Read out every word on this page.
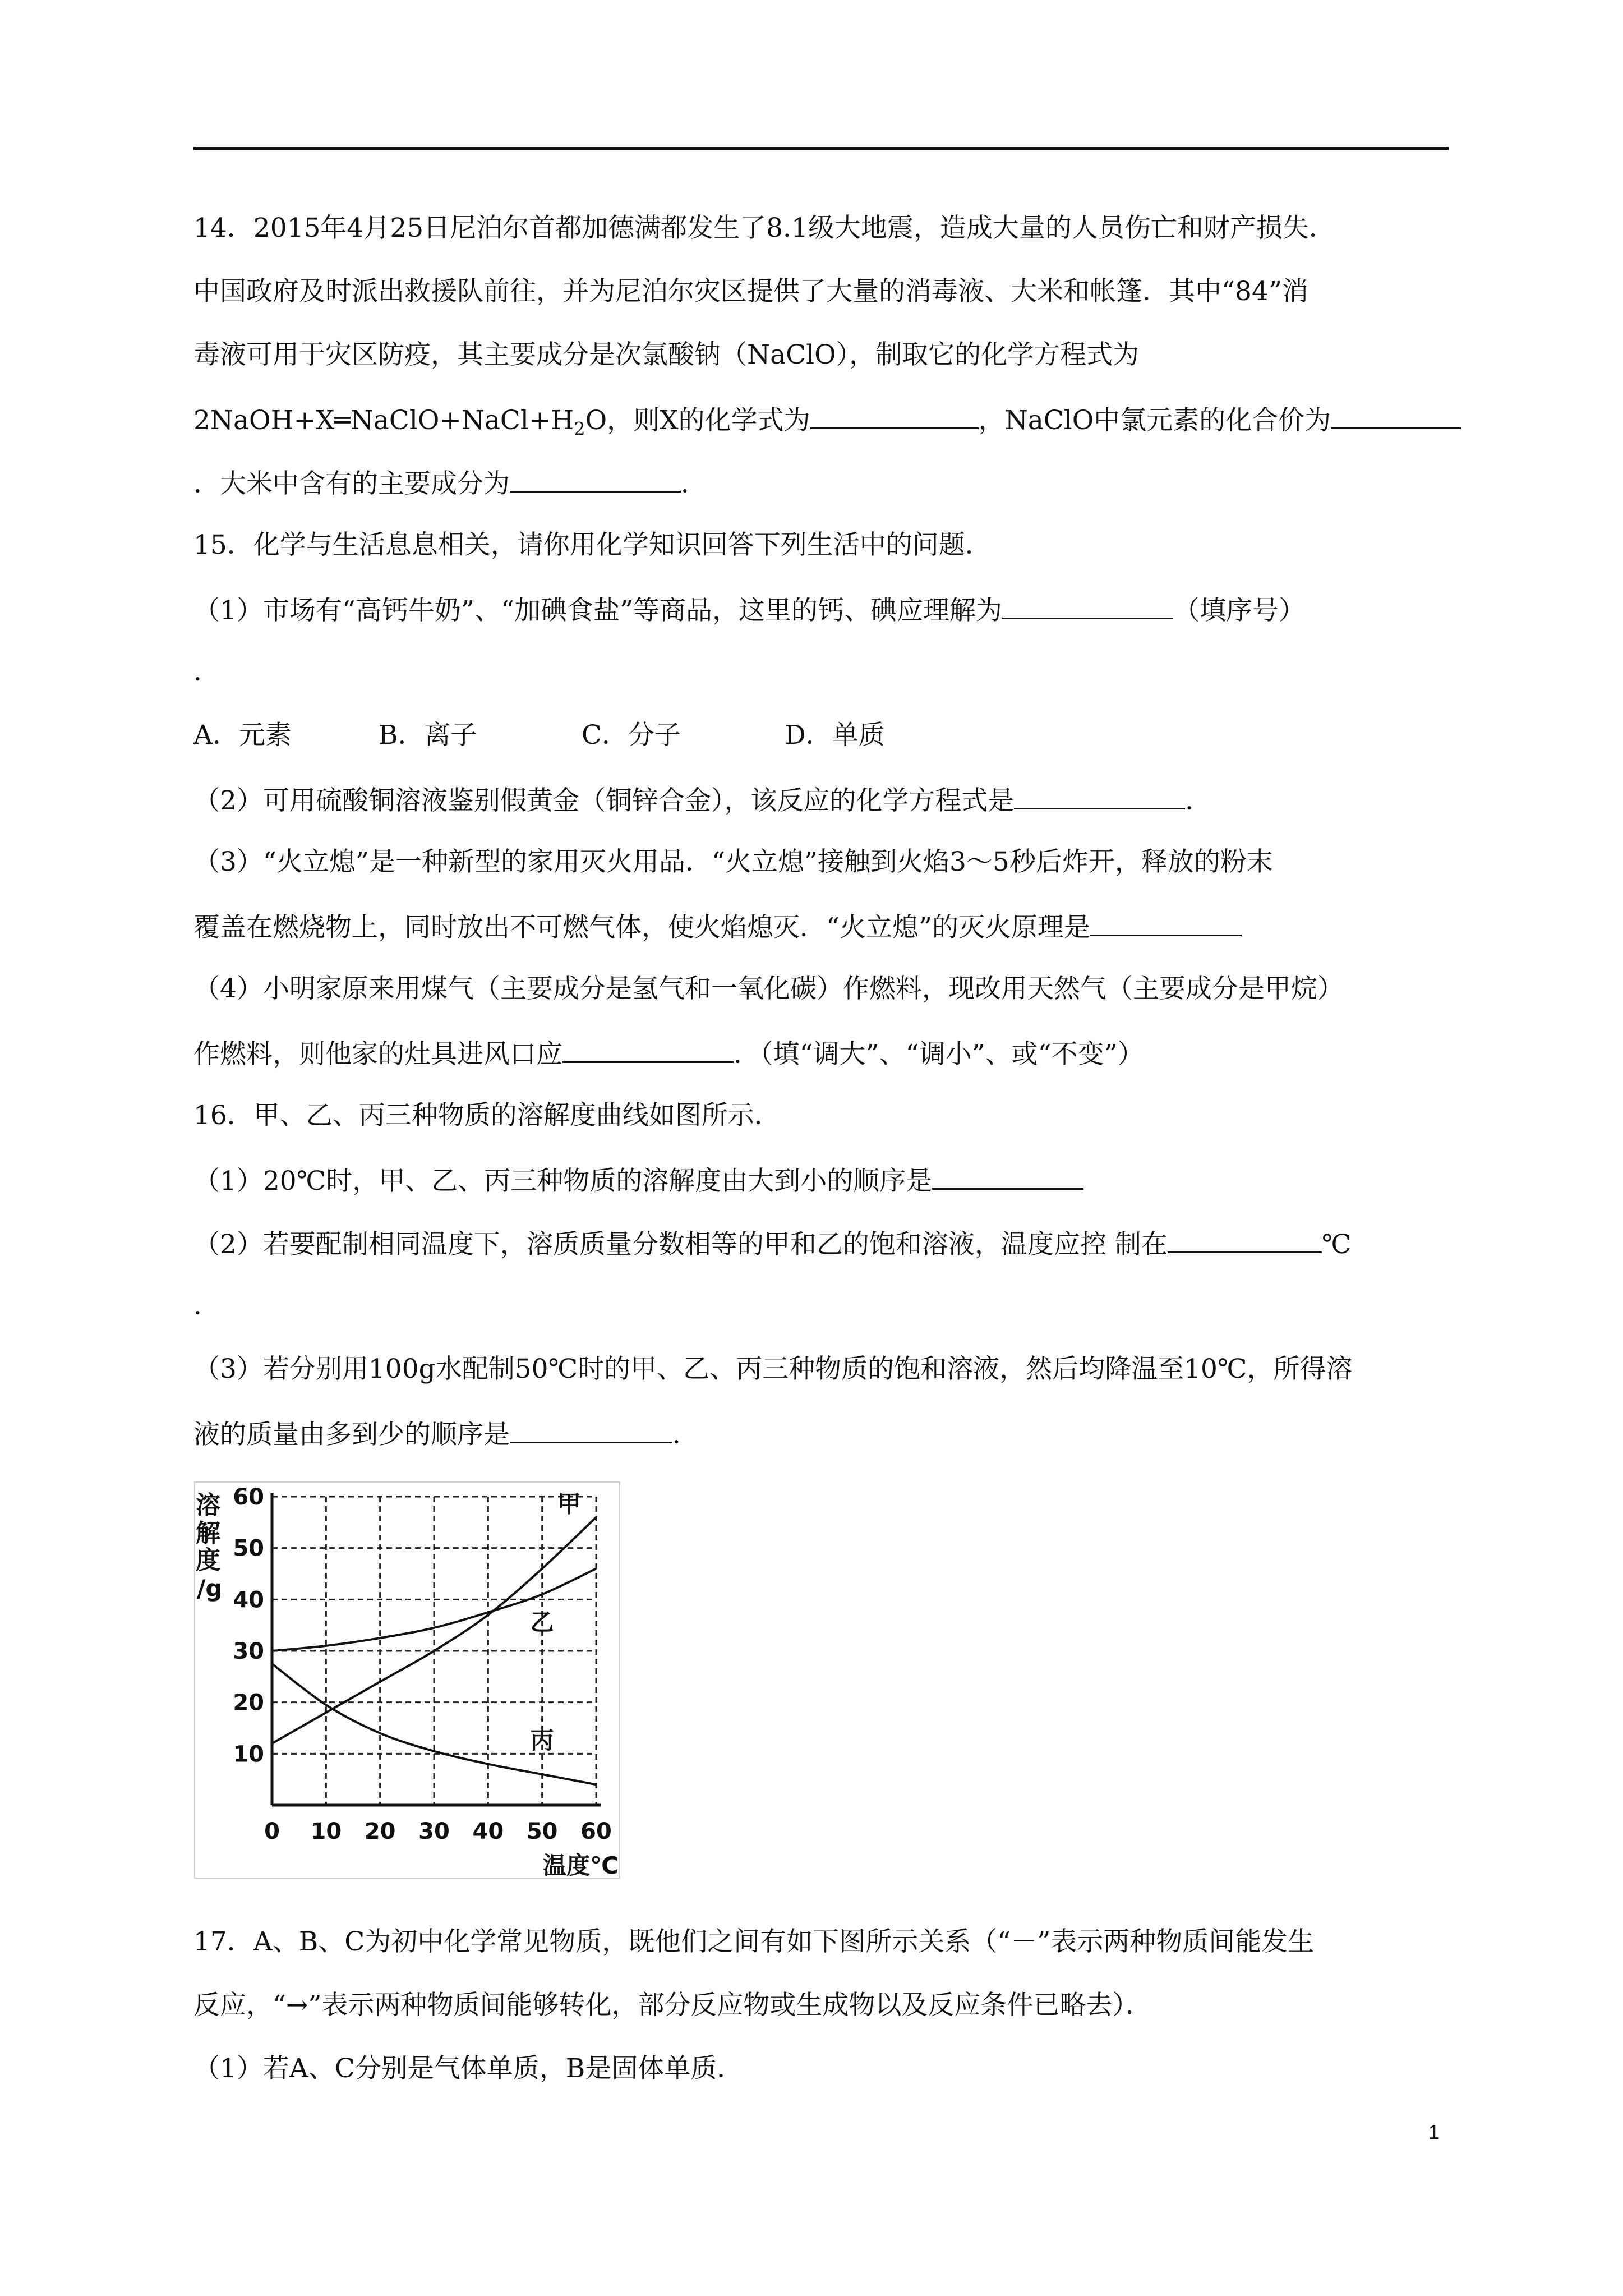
14．2015年4月25日尼泊尔首都加德满都发生了8.1级大地震，造成大量的人员伤亡和财产损失．
中国政府及时派出救援队前往，并为尼泊尔灾区提供了大量的消毒液、大米和帐篷．其中“84”消
毒液可用于灾区防疫，其主要成分是次氯酸钠（NaClO），制取它的化学方程式为
$2NaOH+X═NaClO+NaCl+H_2O$，则X的化学式为	，NaClO中氯元素的化合价为
．大米中含有的主要成分为	．
15．化学与生活息息相关，请你用化学知识回答下列生活中的问题．
（1）市场有“高钙牛奶”、“加碘食盐”等商品，这里的钙、碘应理解为	（填序号）
．
A．元素	B．离子	C．分子	D．单质
（2）可用硫酸铜溶液鉴别假黄金（铜锌合金），该反应的化学方程式是	．
（3）“火立熄”是一种新型的家用灭火用品．“火立熄”接触到火焰3～5秒后炸开，释放的粉末
覆盖在燃烧物上，同时放出不可燃气体，使火焰熄灭．“火立熄”的灭火原理是
（4）小明家原来用煤气（主要成分是氢气和一氧化碳）作燃料，现改用天然气（主要成分是甲烷）
作燃料，则他家的灶具进风口应	．（填“调大”、“调小”、或“不变”）
16．甲、乙、丙三种物质的溶解度曲线如图所示．
（1）20℃时，甲、乙、丙三种物质的溶解度由大到小的顺序是
（2）若要配制相同温度下，溶质质量分数相等的甲和乙的饱和溶液，温度应控 制在	℃
．
（3）若分别用100g水配制50℃时的甲、乙、丙三种物质的饱和溶液，然后均降温至10℃，所得溶
液的质量由多到少的顺序是	．
0 10 20 30 40 50 60
10
20
30
40
50
60
溶
解
度
/g
温度℃
甲
乙
丙
17．A、B、C为初中化学常见物质，既他们之间有如下图所示关系（“－”表示两种物质间能发生
反应，“→”表示两种物质间能够转化，部分反应物或生成物以及反应条件已略去）．
（1）若A、C分别是气体单质，B是固体单质．
1
